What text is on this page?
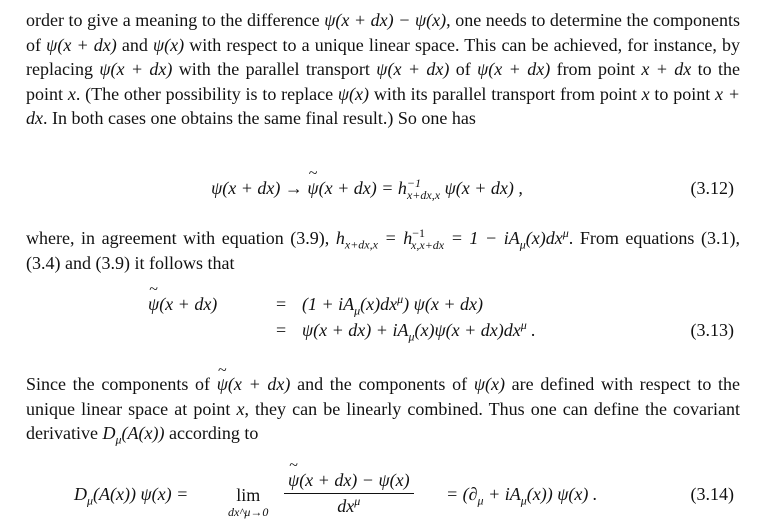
order to give a meaning to the difference ψ(x + dx) − ψ(x), one needs to determine the components of ψ(x + dx) and ψ(x) with respect to a unique linear space. This can be achieved, for instance, by replacing ψ(x + dx) with the parallel transport ψ(x + dx) of ψ(x + dx) from point x + dx to the point x. (The other possibility is to replace ψ(x) with its parallel transport from point x to point x + dx. In both cases one obtains the same final result.) So one has

ψ(x + dx) → ~ $\psi(x + dx) = h^{-1}_{x+dx,x}$ ψ(x + dx) ,	(3.12)

where, in agreement with equation (3.9), $h_{x+dx,x} = h^{-1}_{x,x+dx} = 1 - iA_\mu(x)dx^\mu$. From equations (3.1), (3.4) and (3.9) it follows that

~ ψ(x + dx)	= $(1 + iA_\mu(x)dx^\mu)$ ψ(x + dx)
= $\psi(x + dx) + iA_\mu(x)\psi(x + dx)dx^\mu$ .	(3.13)

Since the components of ~ ψ(x + dx) and the components of ψ(x) are defined with respect to the unique linear space at point x, they can be linearly combined. Thus one can define the covariant derivative $D_\mu(A(x))$ according to

$D_\mu(A(x)) \psi(x)$ =	lim
dx^μ→0
~ ψ(x + dx) − ψ(x)
$dx^\mu$	= $(\partial_\mu + iA_\mu(x))$ ψ(x) .	(3.14)
